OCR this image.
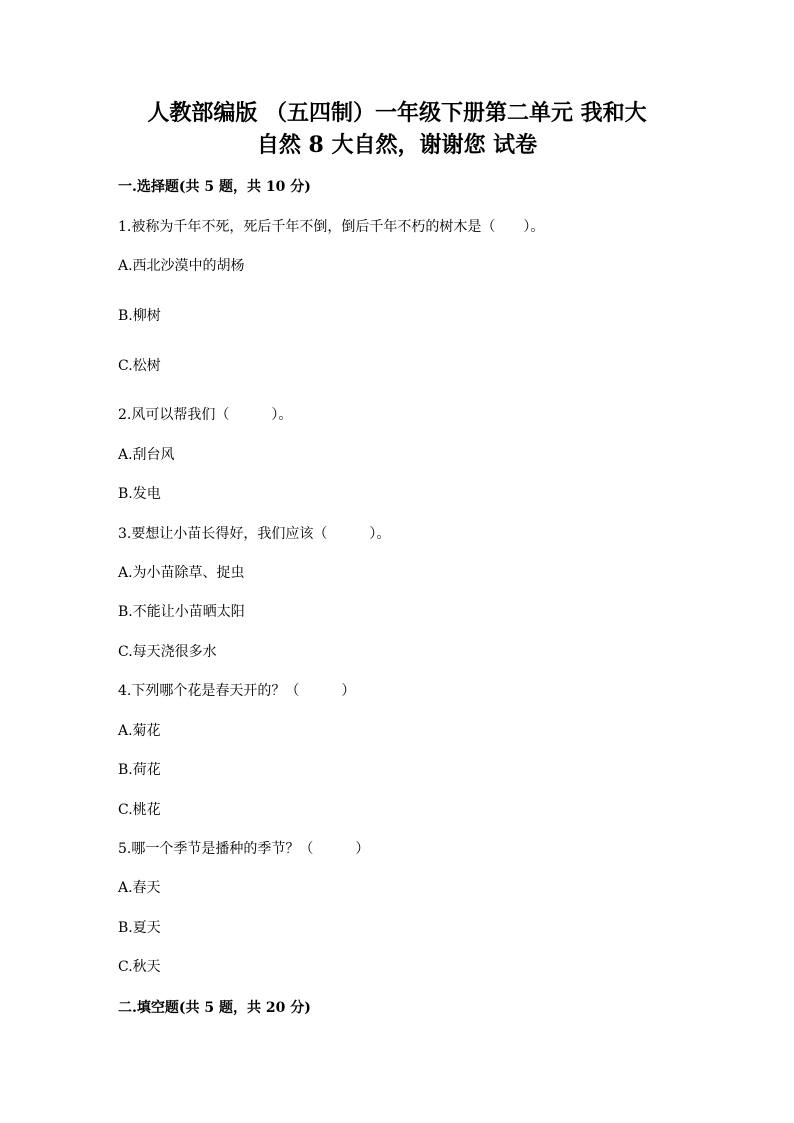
人教部编版 （五四制）一年级下册第二单元 我和大
自然 8 大自然，谢谢您 试卷
一.选择题(共 5 题，共 10 分)
1.被称为千年不死，死后千年不倒，倒后千年不朽的树木是（　　）。
A.西北沙漠中的胡杨
B.柳树
C.松树
2.风可以帮我们（　　　）。
A.刮台风
B.发电
3.要想让小苗长得好，我们应该（　　　）。
A.为小苗除草、捉虫
B.不能让小苗晒太阳
C.每天浇很多水
4.下列哪个花是春天开的？（　　　）
A.菊花
B.荷花
C.桃花
5.哪一个季节是播种的季节？（　　　）
A.春天
B.夏天
C.秋天
二.填空题(共 5 题，共 20 分)
